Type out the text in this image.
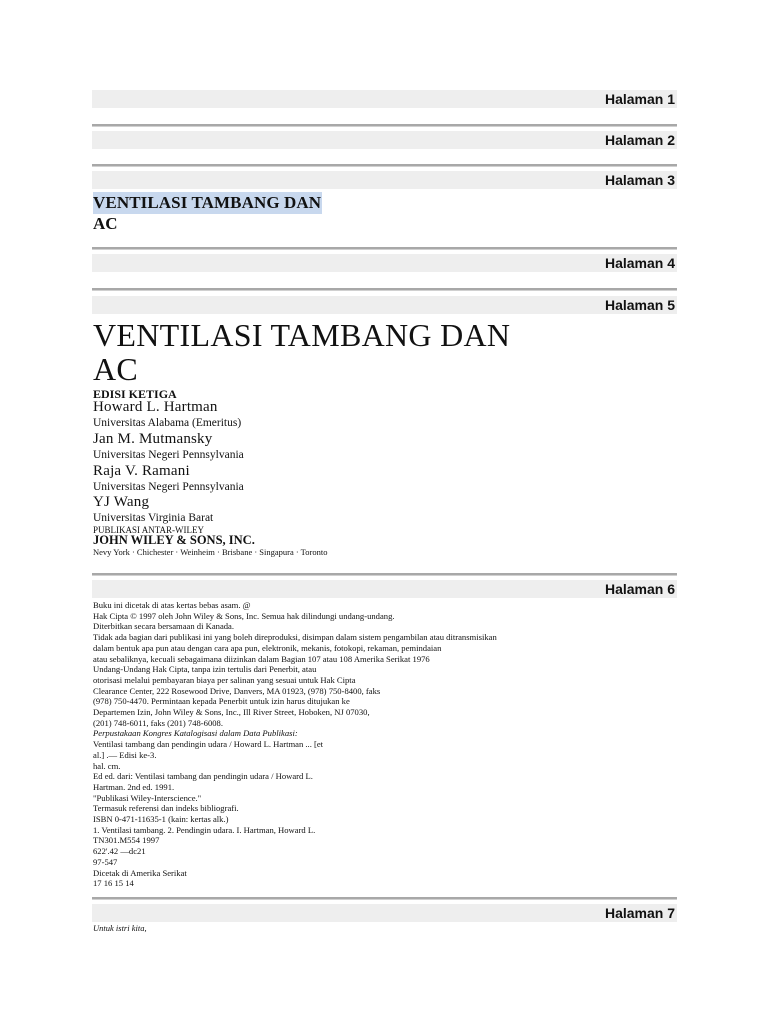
Halaman 1
Halaman 2
Halaman 3
VENTILASI TAMBANG DAN
AC
Halaman 4
Halaman 5
VENTILASI TAMBANG DAN
AC
EDISI KETIGA
Howard L. Hartman
Universitas Alabama (Emeritus)
Jan M. Mutmansky
Universitas Negeri Pennsylvania
Raja V. Ramani
Universitas Negeri Pennsylvania
YJ Wang
Universitas Virginia Barat
PUBLIKASI ANTAR-WILEY
JOHN WILEY & SONS, INC.
Nevy York · Chichester · Weinheim · Brisbane · Singapura · Toronto
Halaman 6
Buku ini dicetak di atas kertas bebas asam. @
Hak Cipta © 1997 oleh John Wiley & Sons, Inc. Semua hak dilindungi undang-undang.
Diterbitkan secara bersamaan di Kanada.
Tidak ada bagian dari publikasi ini yang boleh direproduksi, disimpan dalam sistem pengambilan atau ditransmisikan
dalam bentuk apa pun atau dengan cara apa pun, elektronik, mekanis, fotokopi, rekaman, pemindaian
atau sebaliknya, kecuali sebagaimana diizinkan dalam Bagian 107 atau 108 Amerika Serikat 1976
Undang-Undang Hak Cipta, tanpa izin tertulis dari Penerbit, atau
otorisasi melalui pembayaran biaya per salinan yang sesuai untuk Hak Cipta
Clearance Center, 222 Rosewood Drive, Danvers, MA 01923, (978) 750-8400, faks
(978) 750-4470. Permintaan kepada Penerbit untuk izin harus ditujukan ke
Departemen Izin, John Wiley & Sons, Inc., Ill River Street, Hoboken, NJ 07030,
(201) 748-6011, faks (201) 748-6008.
Perpustakaan Kongres Katalogisasi dalam Data Publikasi:
Ventilasi tambang dan pendingin udara / Howard L. Hartman ... [et
al.] .— Edisi ke-3.
hal. cm.
Ed ed. dari: Ventilasi tambang dan pendingin udara / Howard L.
Hartman. 2nd ed. 1991.
"Publikasi Wiley-Interscience."
Termasuk referensi dan indeks bibliografi.
ISBN 0-471-11635-1 (kain: kertas alk.)
1. Ventilasi tambang. 2. Pendingin udara. I. Hartman, Howard L.
TN301.M554 1997
622'.42 —dc21
97-547
Dicetak di Amerika Serikat
17 16 15 14
Halaman 7
Untuk istri kita,
